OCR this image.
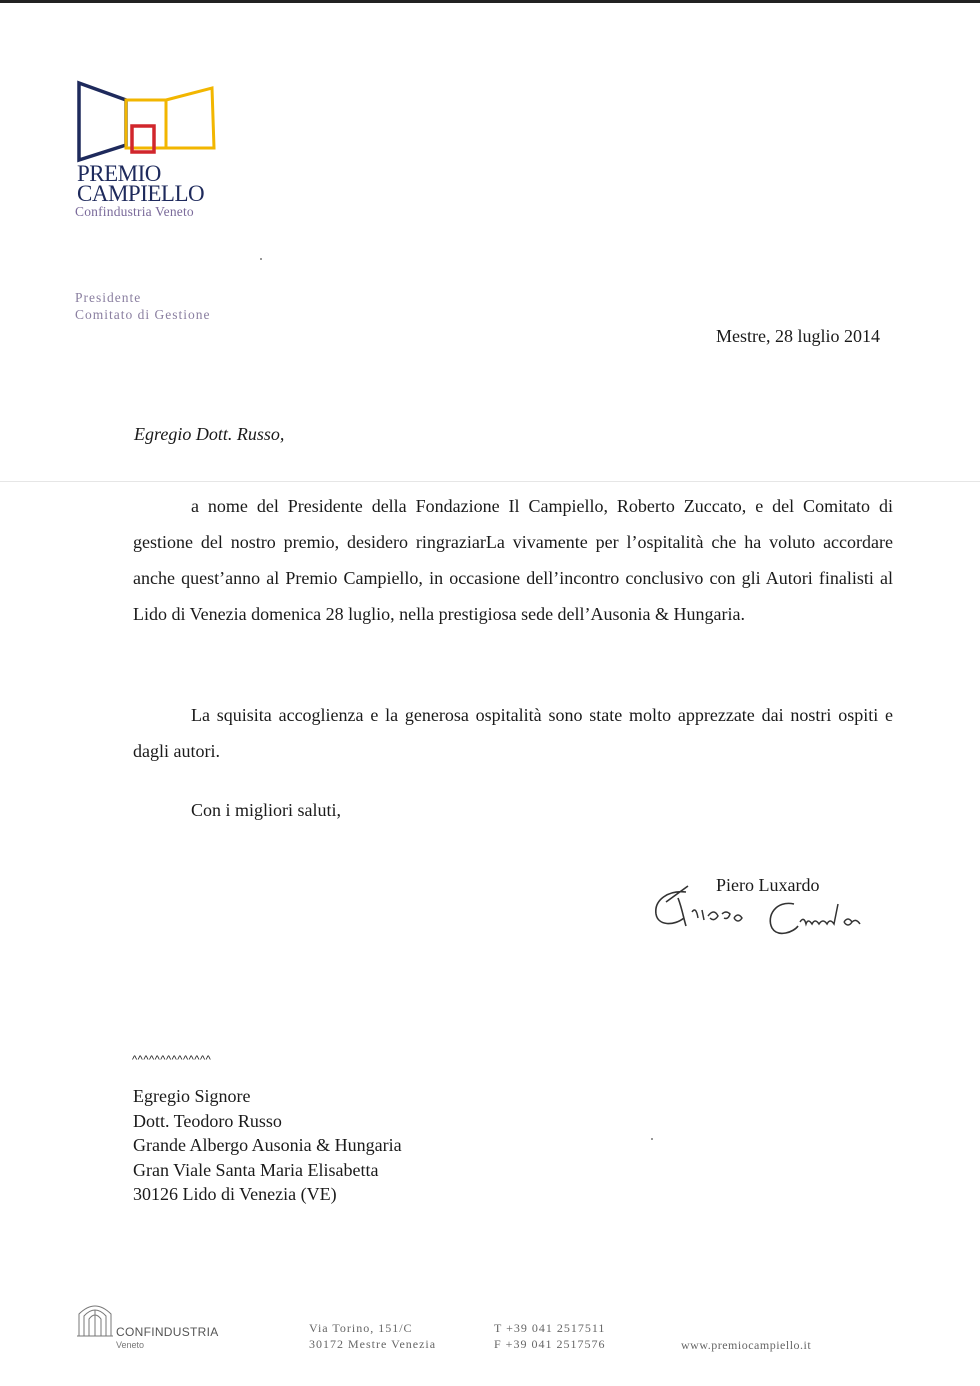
PREMIO
CAMPIELLO
Confindustria Veneto
Presidente
Comitato di Gestione
Mestre, 28 luglio 2014
Egregio Dott. Russo,

a nome del Presidente della Fondazione Il Campiello, Roberto Zuccato, e del Comitato di gestione del nostro premio, desidero ringraziarLa vivamente per l’ospitalità che ha voluto accordare anche quest’anno al Premio Campiello, in occasione dell’incontro conclusivo con gli Autori finalisti al Lido di Venezia domenica 28 luglio, nella prestigiosa sede dell’Ausonia & Hungaria.

La squisita accoglienza e la generosa ospitalità sono state molto apprezzate dai nostri ospiti e dagli autori.

Con i migliori saluti,
Piero Luxardo
^^^^^^^^^^^^^^
Egregio Signore
Dott. Teodoro Russo
Grande Albergo Ausonia & Hungaria
Gran Viale Santa Maria Elisabetta
30126 Lido di Venezia (VE)
CONFINDUSTRIA
Veneto
Via Torino, 151/C
30172 Mestre Venezia
T +39 041 2517511
F +39 041 2517576	www.premiocampiello.it
